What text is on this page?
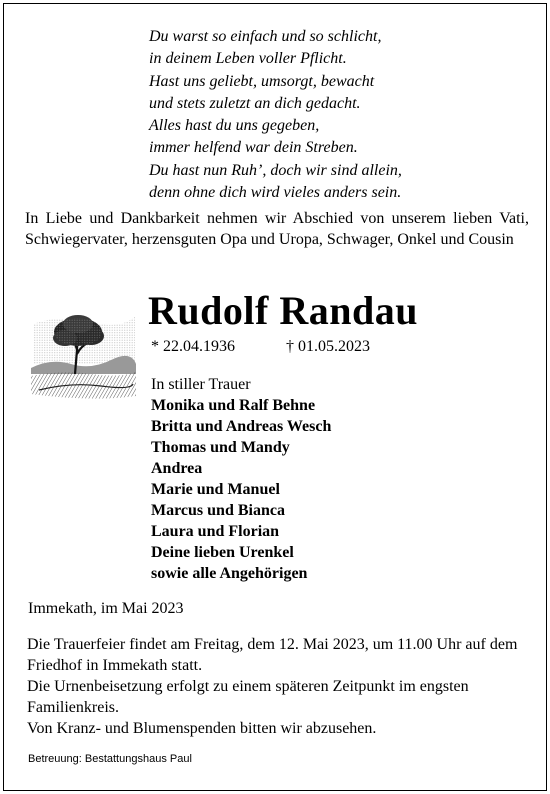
Du warst so einfach und so schlicht,
in deinem Leben voller Pflicht.
Hast uns geliebt, umsorgt, bewacht
und stets zuletzt an dich gedacht.
Alles hast du uns gegeben,
immer helfend war dein Streben.
Du hast nun Ruh’, doch wir sind allein,
denn ohne dich wird vieles anders sein.

In Liebe und Dankbarkeit nehmen wir Abschied von unserem lieben Vati, Schwiegervater, herzensguten Opa und Uropa, Schwager, Onkel und Cousin

Rudolf Randau
* 22.04.1936	† 01.05.2023
In stiller Trauer
Monika und Ralf Behne
Britta und Andreas Wesch
Thomas und Mandy
Andrea
Marie und Manuel
Marcus und Bianca
Laura und Florian
Deine lieben Urenkel
sowie alle Angehörigen
Immekath, im Mai 2023

Die Trauerfeier findet am Freitag, dem 12. Mai 2023, um 11.00 Uhr auf dem Friedhof in Immekath statt.

Die Urnenbeisetzung erfolgt zu einem späteren Zeitpunkt im engsten Familienkreis.

Von Kranz- und Blumenspenden bitten wir abzusehen.

Betreuung: Bestattungshaus Paul
